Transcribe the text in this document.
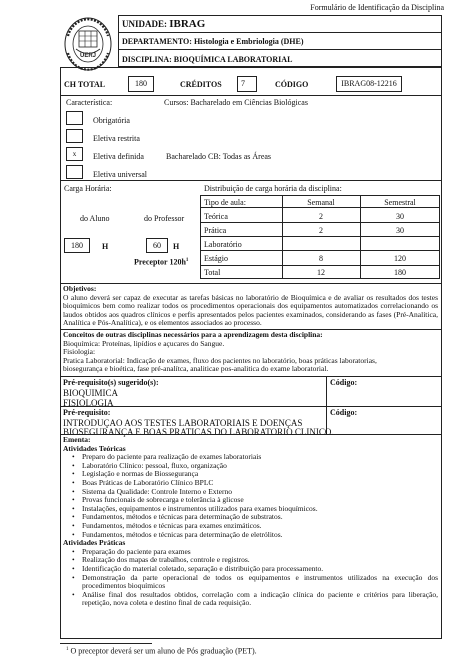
Formulário de Identificação da Disciplina
UERJ
UNIDADE: IBRAG
DEPARTAMENTO: Histologia e Embriologia (DHE)
DISCIPLINA: BIOQUÍMICA LABORATORIAL
CH TOTAL	180	CRÉDITOS	7	CÓDIGO	IBRAG08-12216
Característica:	Cursos: Bacharelado em Ciências Biológicas
Obrigatória
Eletiva restrita
x	Eletiva definida	Bacharelado CB: Todas as Áreas
Eletiva universal
Carga Horária:
do Aluno	do Professor
180	H	60	H
Preceptor $120h^1$
Distribuição de carga horária da disciplina:
Tipo de aula:	Semanal	Semestral
Teórica	2	30
Prática	2	30
Laboratório
Estágio	8	120
Total	12	180
Objetivos:
O aluno deverá ser capaz de executar as tarefas básicas no laboratório de Bioquímica e de avaliar os resultados dos testes bioquímicos bem como realizar todos os procedimentos operacionais dos equipamentos automatizados correlacionando os laudos obtidos aos quadros clínicos e perfis apresentados pelos pacientes examinados, considerando as fases (Pré-Analítica, Analítica e Pós-Analítica), e os elementos associados ao processo.
Conceitos de outras disciplinas necessários para a aprendizagem desta disciplina:
Bioquímica: Proteínas, lipídios e açucares do Sangue.
Fisiologia:
Pratica Laboratorial: Indicação de exames, fluxo dos pacientes no laboratório, boas práticas laboratorias,
biosegurança e bioética, fase pré-analítca, analiticae pos-analitica do exame laboratorial.
Pré-requisito(s) sugerido(s):
BIOQUIMICA
FISIOLOGIA
Código:
Pré-requisito:
INTRODUÇAO AOS TESTES LABORATORIAIS E DOENÇAS
BIOSEGURANÇA E BOAS PRATICAS DO LABORATORIO CLINICO.
Código:
Ementa:
Atividades Teóricas
• Preparo do paciente para realização de exames laboratoriais
• Laboratório Clínico: pessoal, fluxo, organização
• Legislação e normas de Biossegurança
• Boas Práticas de Laboratório Clínico BPLC
• Sistema da Qualidade: Controle Interno e Externo
• Provas funcionais de sobrecarga e tolerância à glicose
• Instalações, equipamentos e instrumentos utilizados para exames bioquímicos.
• Fundamentos, métodos e técnicas para determinação de substratos.
• Fundamentos, métodos e técnicas para exames enzimáticos.
• Fundamentos, métodos e técnicas para determinação de eletrólitos.
Atividades Práticas
• Preparação do paciente para exames
• Realização dos mapas de trabalhos, controle e registros.
• Identificação do material coletado, separação e distribuição para processamento.
• Demonstração da parte operacional de todos os equipamentos e instrumentos utilizados na execução dos procedimentos bioquímicos
• Análise final dos resultados obtidos, correlação com a indicação clínica do paciente e critérios para liberação, repetição, nova coleta e destino final de cada requisição.
$^1$ O preceptor deverá ser um aluno de Pós graduação (PET).
